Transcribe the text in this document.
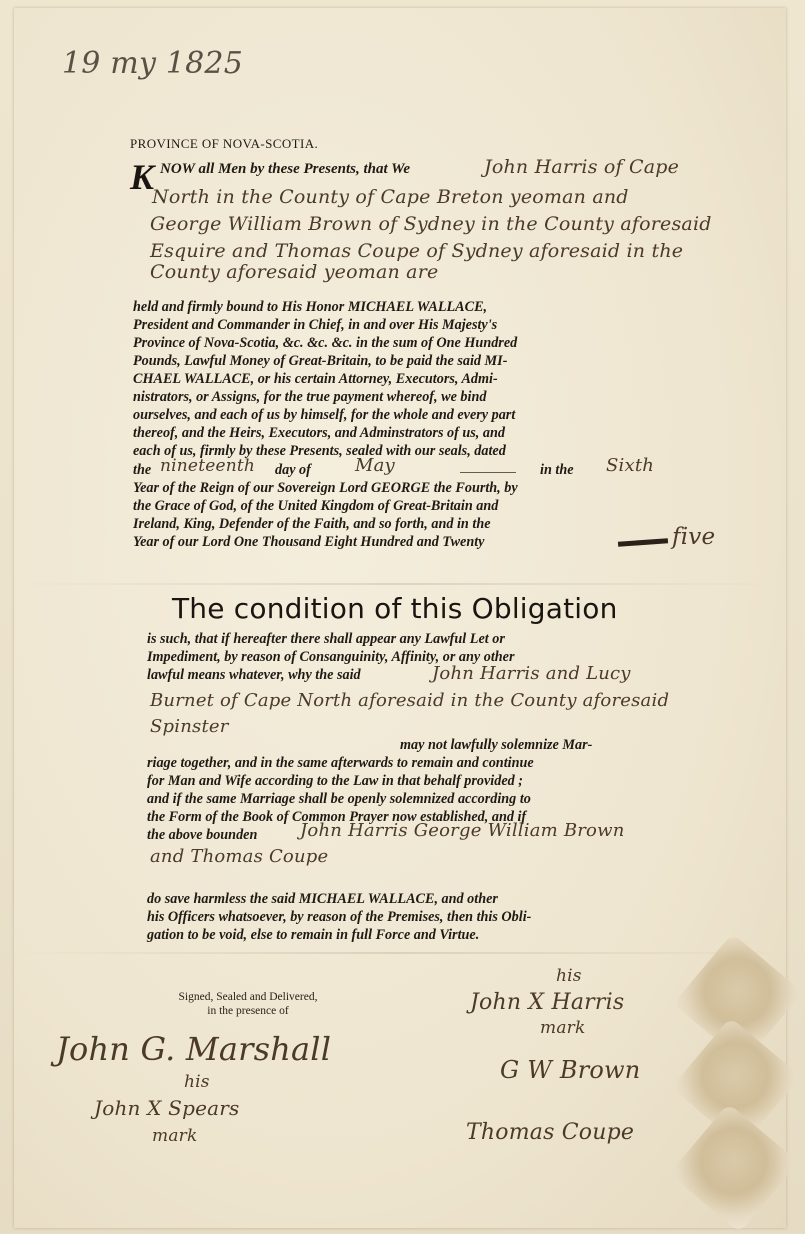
19 my 1825
PROVINCE OF NOVA-SCOTIA.
K NOW all Men by these Presents, that We	John Harris of Cape
North in the County of Cape Breton yeoman and
George William Brown of Sydney in the County aforesaid
Esquire and Thomas Coupe of Sydney aforesaid in the
County aforesaid yeoman are
held and firmly bound to His Honor MICHAEL WALLACE,
President and Commander in Chief, in and over His Majesty's
Province of Nova-Scotia, &c. &c. &c. in the sum of One Hundred
Pounds, Lawful Money of Great-Britain, to be paid the said MI-
CHAEL WALLACE, or his certain Attorney, Executors, Admi-
nistrators, or Assigns, for the true payment whereof, we bind
ourselves, and each of us by himself, for the whole and every part
thereof, and the Heirs, Executors, and Adminstrators of us, and
each of us, firmly by these Presents, sealed with our seals, dated
the nineteenth day of May	in the Sixth
Year of the Reign of our Sovereign Lord GEORGE the Fourth, by
the Grace of God, of the United Kingdom of Great-Britain and
Ireland, King, Defender of the Faith, and so forth, and in the
Year of our Lord One Thousand Eight Hundred and Twenty	five
The condition of this Obligation
is such, that if hereafter there shall appear any Lawful Let or
Impediment, by reason of Consanguinity, Affinity, or any other
lawful means whatever, why the said	John Harris and Lucy
Burnet of Cape North aforesaid in the County aforesaid
Spinster
may not lawfully solemnize Mar-
riage together, and in the same afterwards to remain and continue
for Man and Wife according to the Law in that behalf provided ;
and if the same Marriage shall be openly solemnized according to
the Form of the Book of Common Prayer now established, and if
the above bounden John Harris George William Brown
and Thomas Coupe
do save harmless the said MICHAEL WALLACE, and other
his Officers whatsoever, by reason of the Premises, then this Obli-
gation to be void, else to remain in full Force and Virtue.
Signed, Sealed and Delivered,
in the presence of
John G. Marshall
his
John X Spears
mark
his
John X Harris
mark
G W Brown
Thomas Coupe
